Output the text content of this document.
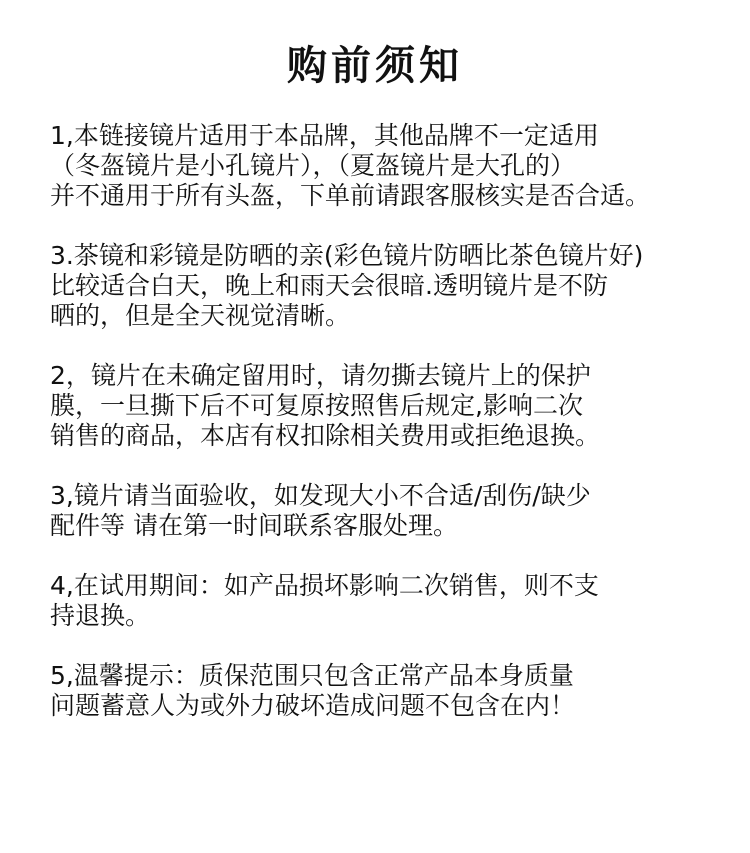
购前须知
1,本链接镜片适用于本品牌，其他品牌不一定适用
（冬盔镜片是小孔镜片），（夏盔镜片是大孔的）
并不通用于所有头盔，下单前请跟客服核实是否合适。
3.茶镜和彩镜是防晒的亲(彩色镜片防晒比茶色镜片好)
比较适合白天，晚上和雨天会很暗.透明镜片是不防
晒的，但是全天视觉清晰。
2，镜片在未确定留用时，请勿撕去镜片上的保护
膜，一旦撕下后不可复原按照售后规定,影响二次
销售的商品，本店有权扣除相关费用或拒绝退换。
3,镜片请当面验收，如发现大小不合适/刮伤/缺少
配件等 请在第一时间联系客服处理。
4,在试用期间：如产品损坏影响二次销售，则不支
持退换。
5,温馨提示：质保范围只包含正常产品本身质量
问题蓄意人为或外力破坏造成问题不包含在内！
